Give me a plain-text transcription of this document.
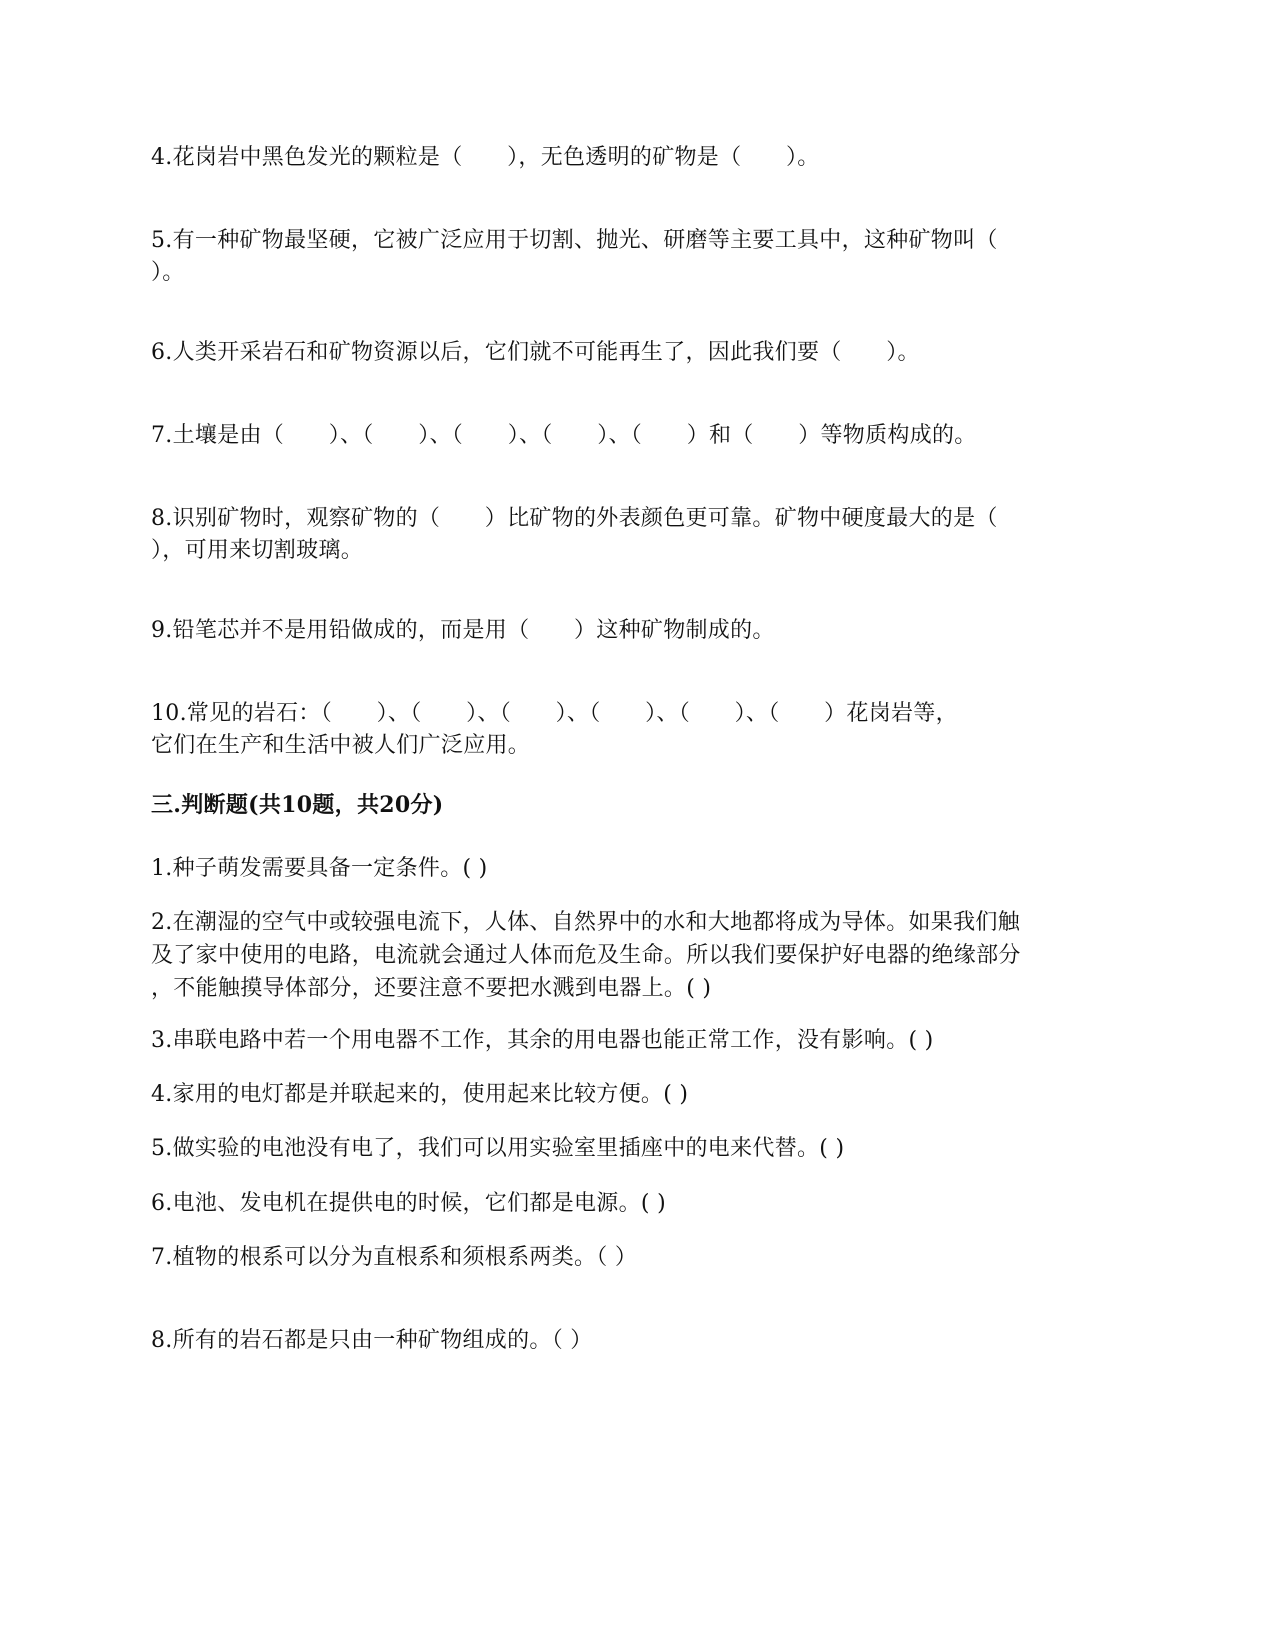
4.花岗岩中黑色发光的颗粒是（　　），无色透明的矿物是（　　）。
5.有一种矿物最坚硬，它被广泛应用于切割、抛光、研磨等主要工具中，这种矿物叫（
）。
6.人类开采岩石和矿物资源以后，它们就不可能再生了，因此我们要（　　）。
7.土壤是由（　　）、（　　）、（　　）、（　　）、（　　）和（　　）等物质构成的。
8.识别矿物时，观察矿物的（　　）比矿物的外表颜色更可靠。矿物中硬度最大的是（
），可用来切割玻璃。
9.铅笔芯并不是用铅做成的，而是用（　　）这种矿物制成的。
10.常见的岩石：（　　）、（　　）、（　　）、（　　）、（　　）、（　　）花岗岩等，
它们在生产和生活中被人们广泛应用。
三.判断题(共10题，共20分)
1.种子萌发需要具备一定条件。( )
2.在潮湿的空气中或较强电流下，人体、自然界中的水和大地都将成为导体。如果我们触
及了家中使用的电路，电流就会通过人体而危及生命。所以我们要保护好电器的绝缘部分
，不能触摸导体部分，还要注意不要把水溅到电器上。( )
3.串联电路中若一个用电器不工作，其余的用电器也能正常工作，没有影响。( )
4.家用的电灯都是并联起来的，使用起来比较方便。( )
5.做实验的电池没有电了，我们可以用实验室里插座中的电来代替。( )
6.电池、发电机在提供电的时候，它们都是电源。( )
7.植物的根系可以分为直根系和须根系两类。（ ）
8.所有的岩石都是只由一种矿物组成的。（ ）
